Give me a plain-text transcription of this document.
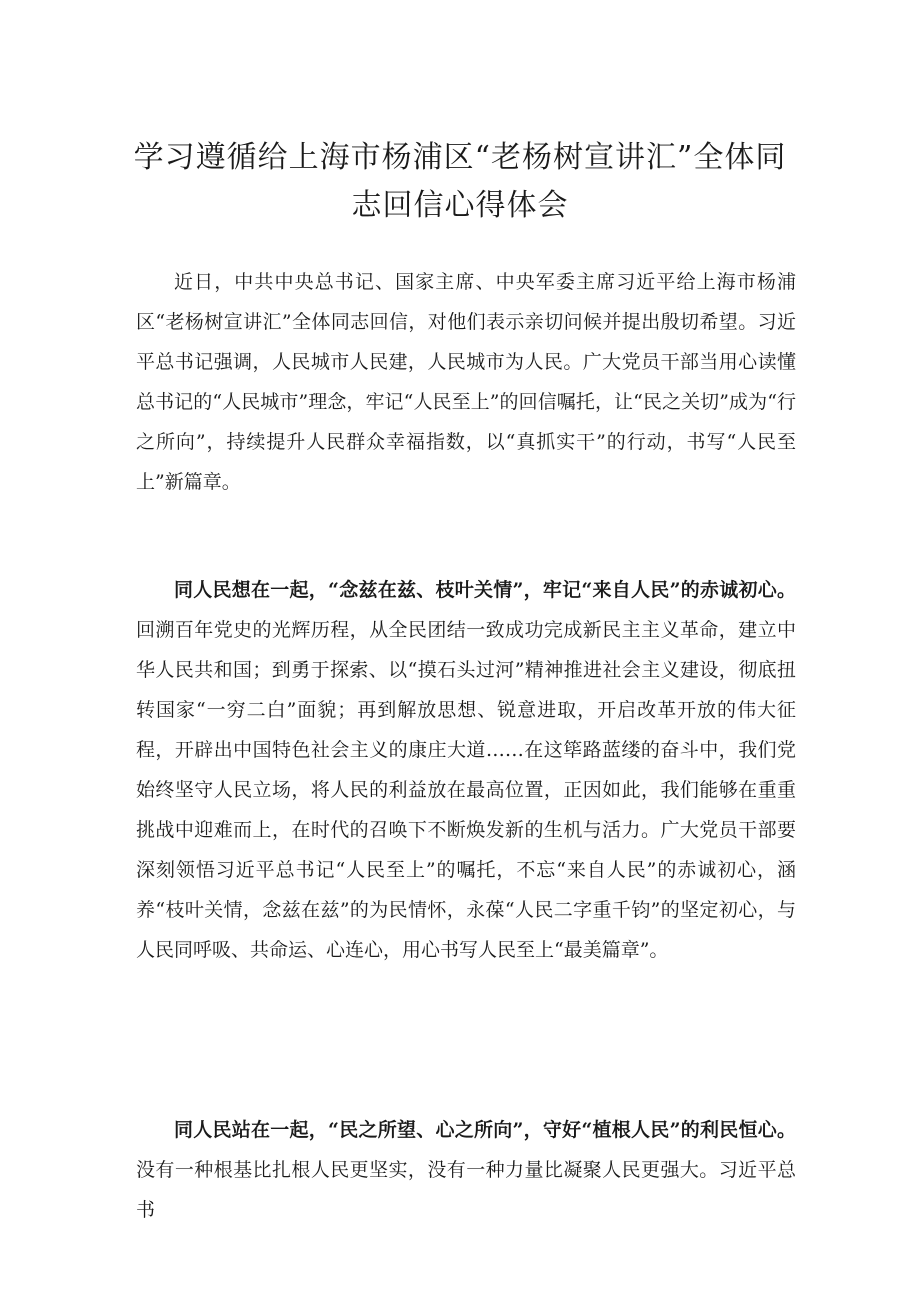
学习遵循给上海市杨浦区“老杨树宣讲汇”全体同志回信心得体会

近日，中共中央总书记、国家主席、中央军委主席习近平给上海市杨浦区“老杨树宣讲汇”全体同志回信，对他们表示亲切问候并提出殷切希望。习近平总书记强调，人民城市人民建，人民城市为人民。广大党员干部当用心读懂总书记的“人民城市”理念，牢记“人民至上”的回信嘱托，让“民之关切”成为“行之所向”，持续提升人民群众幸福指数，以“真抓实干”的行动，书写“人民至上”新篇章。

同人民想在一起，“念兹在兹、枝叶关情”，牢记“来自人民”的赤诚初心。回溯百年党史的光辉历程，从全民团结一致成功完成新民主主义革命，建立中华人民共和国；到勇于探索、以“摸石头过河”精神推进社会主义建设，彻底扭转国家“一穷二白”面貌；再到解放思想、锐意进取，开启改革开放的伟大征程，开辟出中国特色社会主义的康庄大道……在这筚路蓝缕的奋斗中，我们党始终坚守人民立场，将人民的利益放在最高位置，正因如此，我们能够在重重挑战中迎难而上，在时代的召唤下不断焕发新的生机与活力。广大党员干部要深刻领悟习近平总书记“人民至上”的嘱托，不忘“来自人民”的赤诚初心，涵养“枝叶关情，念兹在兹”的为民情怀，永葆“人民二字重千钧”的坚定初心，与人民同呼吸、共命运、心连心，用心书写人民至上“最美篇章”。

同人民站在一起，“民之所望、心之所向”，守好“植根人民”的利民恒心。没有一种根基比扎根人民更坚实，没有一种力量比凝聚人民更强大。习近平总书
